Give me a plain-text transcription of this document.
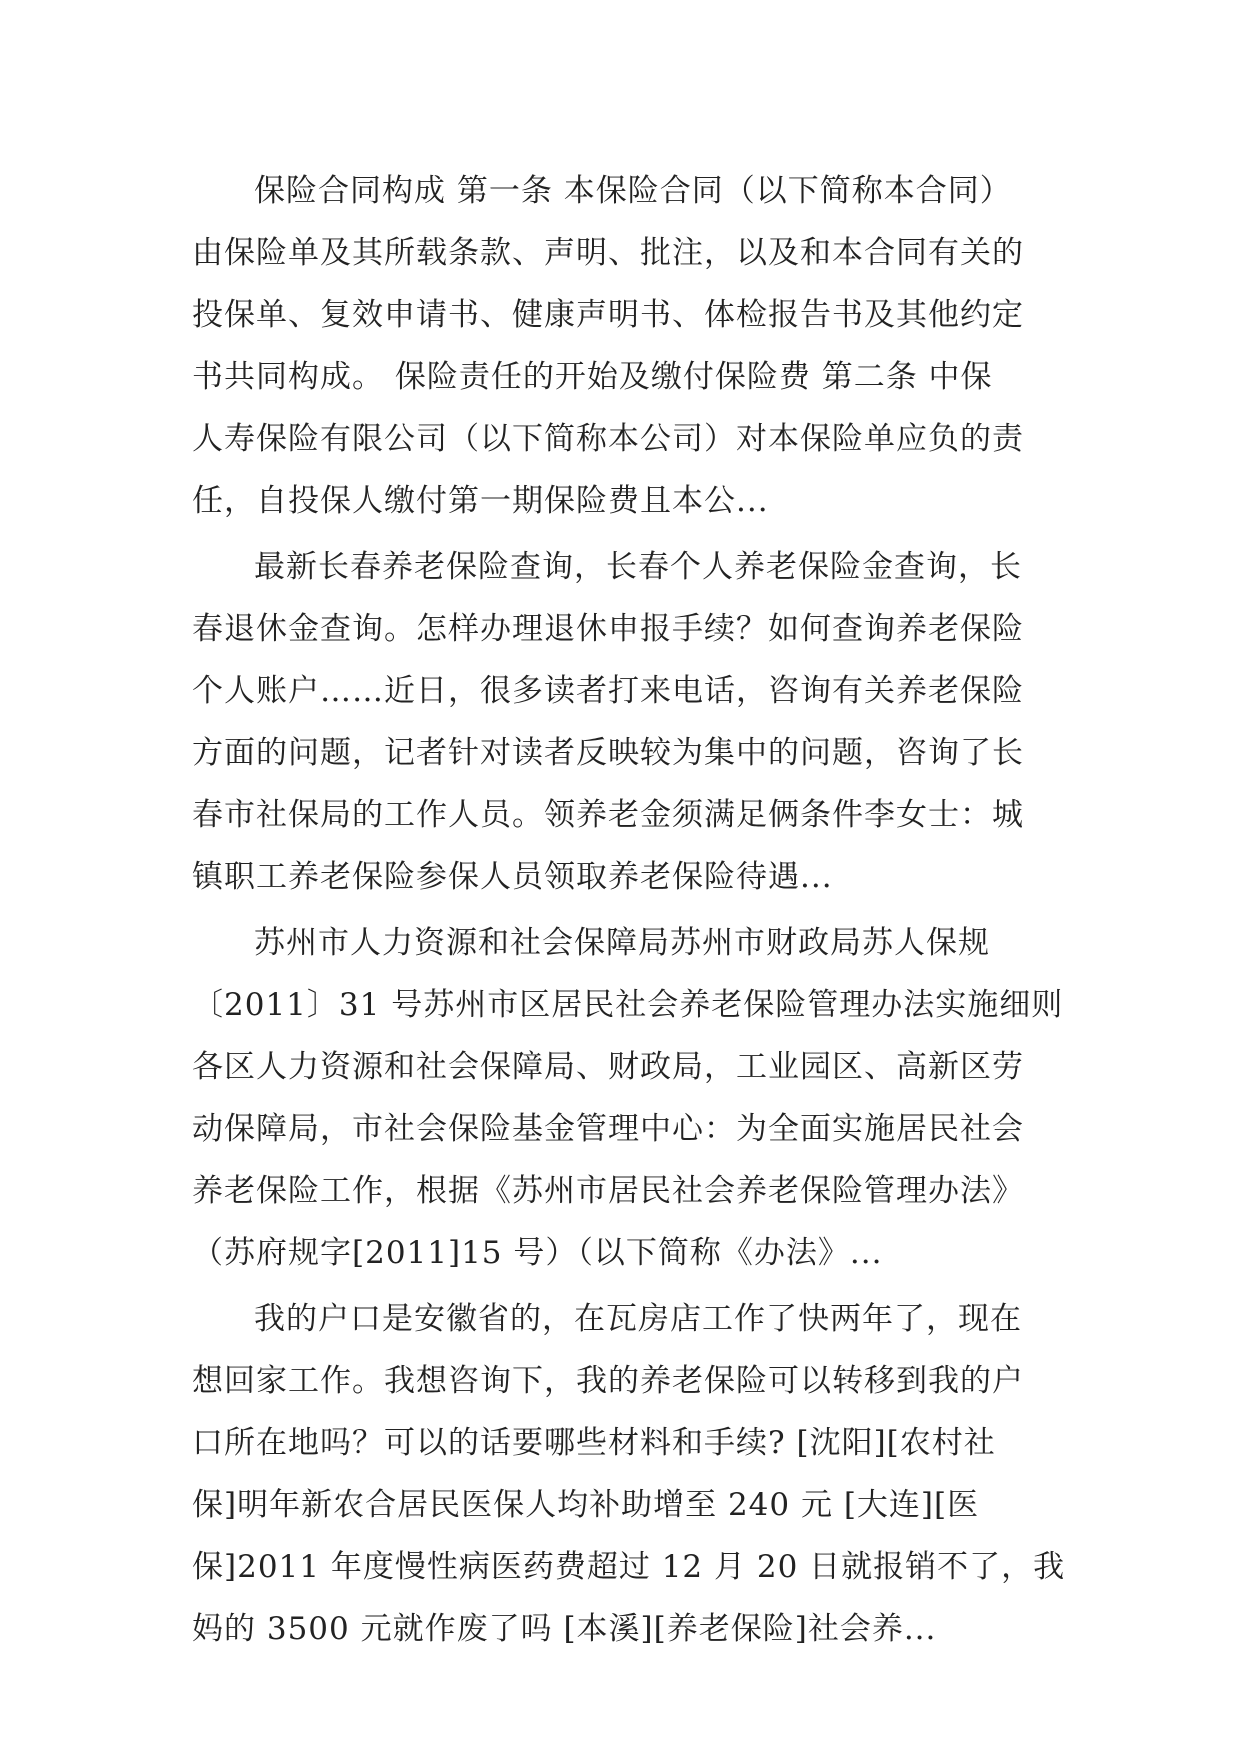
保险合同构成 第一条 本保险合同（以下简称本合同）
由保险单及其所载条款、声明、批注，以及和本合同有关的
投保单、复效申请书、健康声明书、体检报告书及其他约定
书共同构成。 保险责任的开始及缴付保险费 第二条 中保
人寿保险有限公司（以下简称本公司）对本保险单应负的责
任，自投保人缴付第一期保险费且本公...
最新长春养老保险查询，长春个人养老保险金查询，长
春退休金查询。怎样办理退休申报手续？如何查询养老保险
个人账户……近日，很多读者打来电话，咨询有关养老保险
方面的问题，记者针对读者反映较为集中的问题，咨询了长
春市社保局的工作人员。领养老金须满足俩条件李女士：城
镇职工养老保险参保人员领取养老保险待遇...
苏州市人力资源和社会保障局苏州市财政局苏人保规
〔2011〕31 号苏州市区居民社会养老保险管理办法实施细则
各区人力资源和社会保障局、财政局，工业园区、高新区劳
动保障局，市社会保险基金管理中心：为全面实施居民社会
养老保险工作，根据《苏州市居民社会养老保险管理办法》
（苏府规字[2011]15 号）（以下简称《办法》...
我的户口是安徽省的，在瓦房店工作了快两年了，现在
想回家工作。我想咨询下，我的养老保险可以转移到我的户
口所在地吗？可以的话要哪些材料和手续? [沈阳][农村社
保]明年新农合居民医保人均补助增至 240 元 [大连][医
保]2011 年度慢性病医药费超过 12 月 20 日就报销不了，我
妈的 3500 元就作废了吗 [本溪][养老保险]社会养...
